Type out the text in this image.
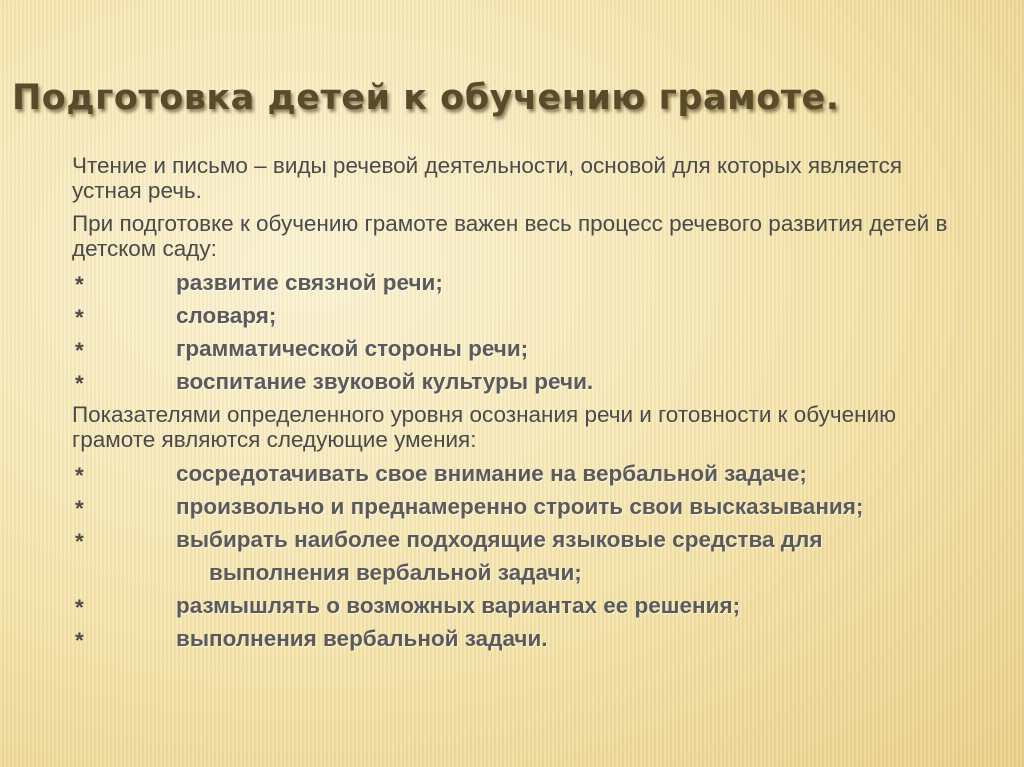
Подготовка детей к обучению грамоте.

Чтение и письмо – виды речевой деятельности, основой для которых является устная речь.

При подготовке к обучению грамоте важен весь процесс речевого развития детей в детском саду:

*	развитие связной речи;
*	словаря;
*	грамматической стороны речи;
*	воспитание звуковой культуры речи.

Показателями определенного уровня осознания речи и готовности к обучению грамоте являются следующие умения:

*	сосредотачивать свое внимание на вербальной задаче;
*	произвольно и преднамеренно строить свои высказывания;
*	выбирать наиболее подходящие языковые средства для
выполнения вербальной задачи;
*	размышлять о возможных вариантах ее решения;
*	выполнения вербальной задачи.
